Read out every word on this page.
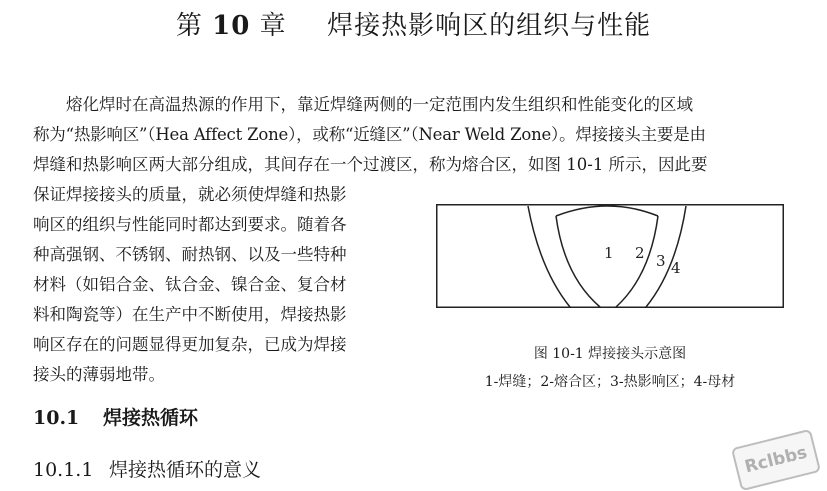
第 10 章 焊接热影响区的组织与性能
熔化焊时在高温热源的作用下，靠近焊缝两侧的一定范围内发生组织和性能变化的区域
称为“热影响区”（Hea Affect Zone），或称“近缝区”（Near Weld Zone）。焊接接头主要是由
焊缝和热影响区两大部分组成，其间存在一个过渡区，称为熔合区，如图 10-1 所示，因此要
保证焊接接头的质量，就必须使焊缝和热影
响区的组织与性能同时都达到要求。随着各
种高强钢、不锈钢、耐热钢、以及一些特种
材料（如铝合金、钛合金、镍合金、复合材
料和陶瓷等）在生产中不断使用，焊接热影
响区存在的问题显得更加复杂，已成为焊接
接头的薄弱地带。
1 2 3 4
图 10-1 焊接接头示意图
1-焊缝；2-熔合区；3-热影响区；4-母材
10.1 焊接热循环
10.1.1 焊接热循环的意义	Rclbbs
